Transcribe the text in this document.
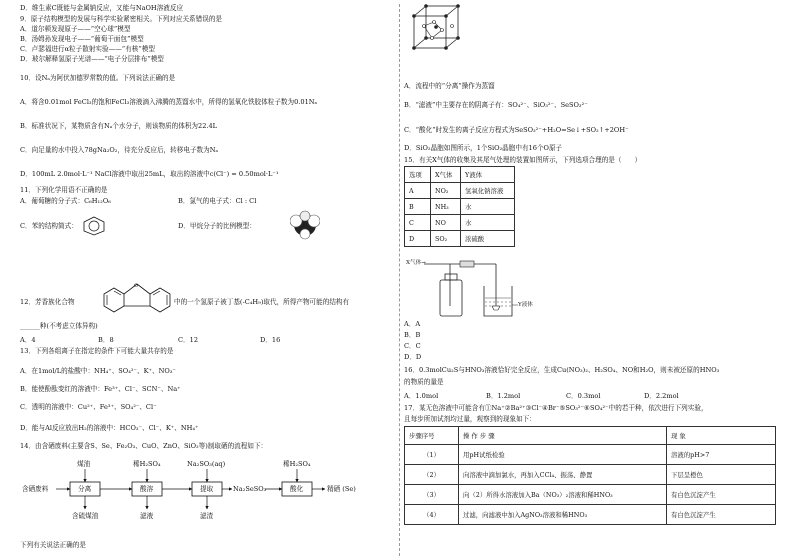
D．维生素C既能与金属钠反应，又能与NaOH溶液反应
9．原子结构模型的发展与科学实验紧密相关。下列对应关系错误的是
A．道尔顿发现原子——“空心球”模型
B．汤姆孙发现电子——“葡萄干面包”模型
C．卢瑟福进行α粒子散射实验——“有核”模型
D．玻尔解释氢原子光谱——“电子分层排布”模型
10．设Nₐ为阿伏加德罗常数的值。下列说法正确的是
A．将含0.01mol FeCl₃的饱和FeCl₃溶液滴入沸腾的蒸馏水中，所得的氢氧化铁胶体粒子数为0.01Nₐ
B．标准状况下，某物质含有Nₐ个水分子，则该物质的体积为22.4L
C．向足量的水中投入78gNa₂O₂，待充分反应后，转移电子数为Nₐ
D．100mL 2.0mol·L⁻¹ NaCl溶液中取出25mL，取出的溶液中c(Cl⁻) = 0.50mol·L⁻¹
11．下列化学用语不正确的是
A．葡萄糖的分子式：C₆H₁₂O₆	B．氯气的电子式：Cl : Cl
C．苯的结构简式：	D．甲烷分子的比例模型：
12．芳香族化合物
O
中的一个氢原子被丁基(-C₄H₉)取代，所得产物可能的结构有
______种(不考虑立体异构)
A．4	B．8	C．12	D．16
13．下列各组离子在指定的条件下可能大量共存的是
A．在1mol/L的盐酸中：NH₄⁺、SO₄²⁻、K⁺、NO₃⁻
B．能使酚酞变红的溶液中：Fe³⁺、Cl⁻、SCN⁻、Na⁺
C．透明的溶液中：Cu²⁺、Fe³⁺、SO₄²⁻、Cl⁻
D．能与Al反应放出H₂的溶液中：HCO₃⁻、Cl⁻、K⁺、NH₄⁺
14．由含硒废料(主要含S、Se、Fe₂O₃、CuO、ZnO、SiO₂等)制取硒的流程如下：
煤油	稀H₂SO₄	Na₂SO₃(aq)	稀H₂SO₄
含硒废料	分离	酸溶	提取	Na₂SeSO₃	酸化	精硒 (Se)
含硫煤油	滤液	滤渣
下列有关说法正确的是
A．流程中的“分离”操作为蒸馏
B．“滤液”中主要存在的阴离子有：SO₄²⁻、SiO₃²⁻、SeSO₃²⁻
C．“酸化”时发生的离子反应方程式为SeSO₃²⁻+H₂O=Se↓+SO₂↑+2OH⁻
D．SiO₂晶胞如图所示，1个SiO₂晶胞中有16个O原子
15．有关X气体的收集及其尾气处理的装置如图所示，下列选项合理的是（　　）
选项	X气体	Y液体
A	NO₂	氢氧化钠溶液
B	NH₃	水
C	NO	水
D	SO₂	浓硫酸
X气体→
Y液体
A．A
B．B
C．C
D．D
16．0.3molCu₂S与HNO₃溶液恰好完全反应，生成Cu(NO₃)₂、H₂SO₄、NO和H₂O，则未被还原的HNO₃
的物质的量是
A．1.0mol	B．1.2mol	C．0.3mol	D．2.2mol
17．某无色溶液中可能含有①Na⁺②Ba²⁺③Cl⁻④Br⁻⑤SO₃²⁻⑥SO₄²⁻中的若干种，依次进行下列实验，
且每步所加试剂均过量，观察到的现象如下：
步骤序号	操 作 步 骤	现 象
（1）	用pH试纸检验	溶液的pH>7
（2）	向溶液中滴加氯水，再加入CCl₄、振荡、静置	下层呈橙色
（3）	向（2）所得水溶液加入Ba（NO₃）₂溶液和稀HNO₃	有白色沉淀产生
（4）	过滤，向滤液中加入AgNO₃溶液和稀HNO₃	有白色沉淀产生
